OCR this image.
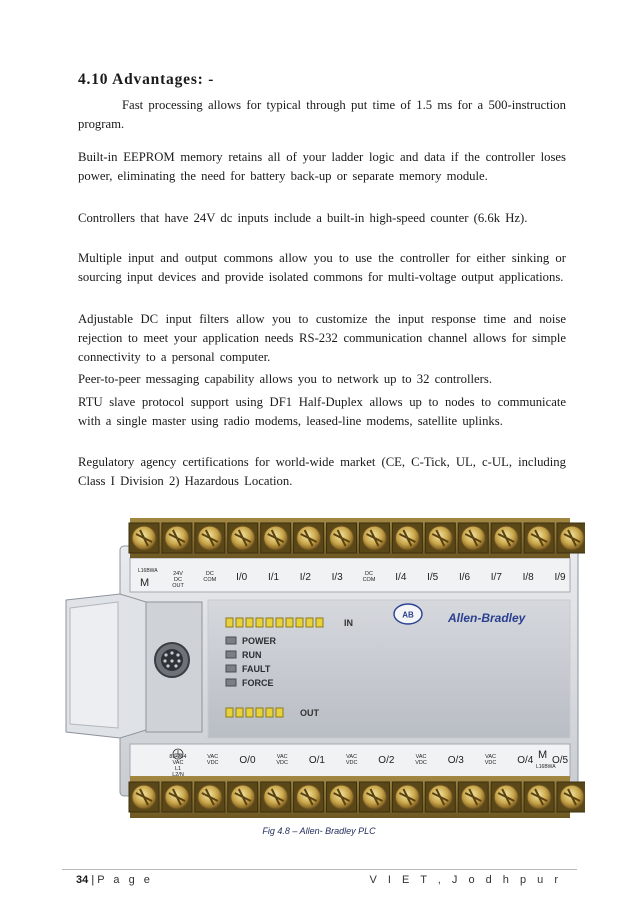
4.10 Advantages: -

Fast processing allows for typical through put time of 1.5 ms for a 500-instruction program.

Built-in EEPROM memory retains all of your ladder logic and data if the controller loses power, eliminating the need for battery back-up or separate memory module.

Controllers that have 24V dc inputs include a built-in high-speed counter (6.6k Hz).

Multiple input and output commons allow you to use the controller for either sinking or sourcing input devices and provide isolated commons for multi-voltage output applications.

Adjustable DC input filters allow you to customize the input response time and noise rejection to meet your application needs RS-232 communication channel allows for simple connectivity to a personal computer.

Peer-to-peer messaging capability allows you to network up to 32 controllers.

RTU slave protocol support using DF1 Half-Duplex allows up to nodes to communicate with a single master using radio modems, leased-line modems, satellite uplinks.

Regulatory agency certifications for world-wide market (CE, C-Tick, UL, c-UL, including Class I Division 2) Hazardous Location.

L16BWA
M
24V DC OUT
DC COM I/0 I/1 I/2 I/3	DC COM I/4 I/5 I/6 I/7 I/8 I/9
85-264 VAC L1 L2/N
VAC VDC O/0	VAC VDC O/1	VAC VDC O/2	VAC VDC O/3	VAC VDC O/4 O/5
M
L16BWA
IN
AB	Allen-Bradley
POWER
RUN
FAULT
FORCE
OUT
Fig 4.8 – Allen- Bradley PLC
34 | P a g e	V I E T , J o d h p u r
